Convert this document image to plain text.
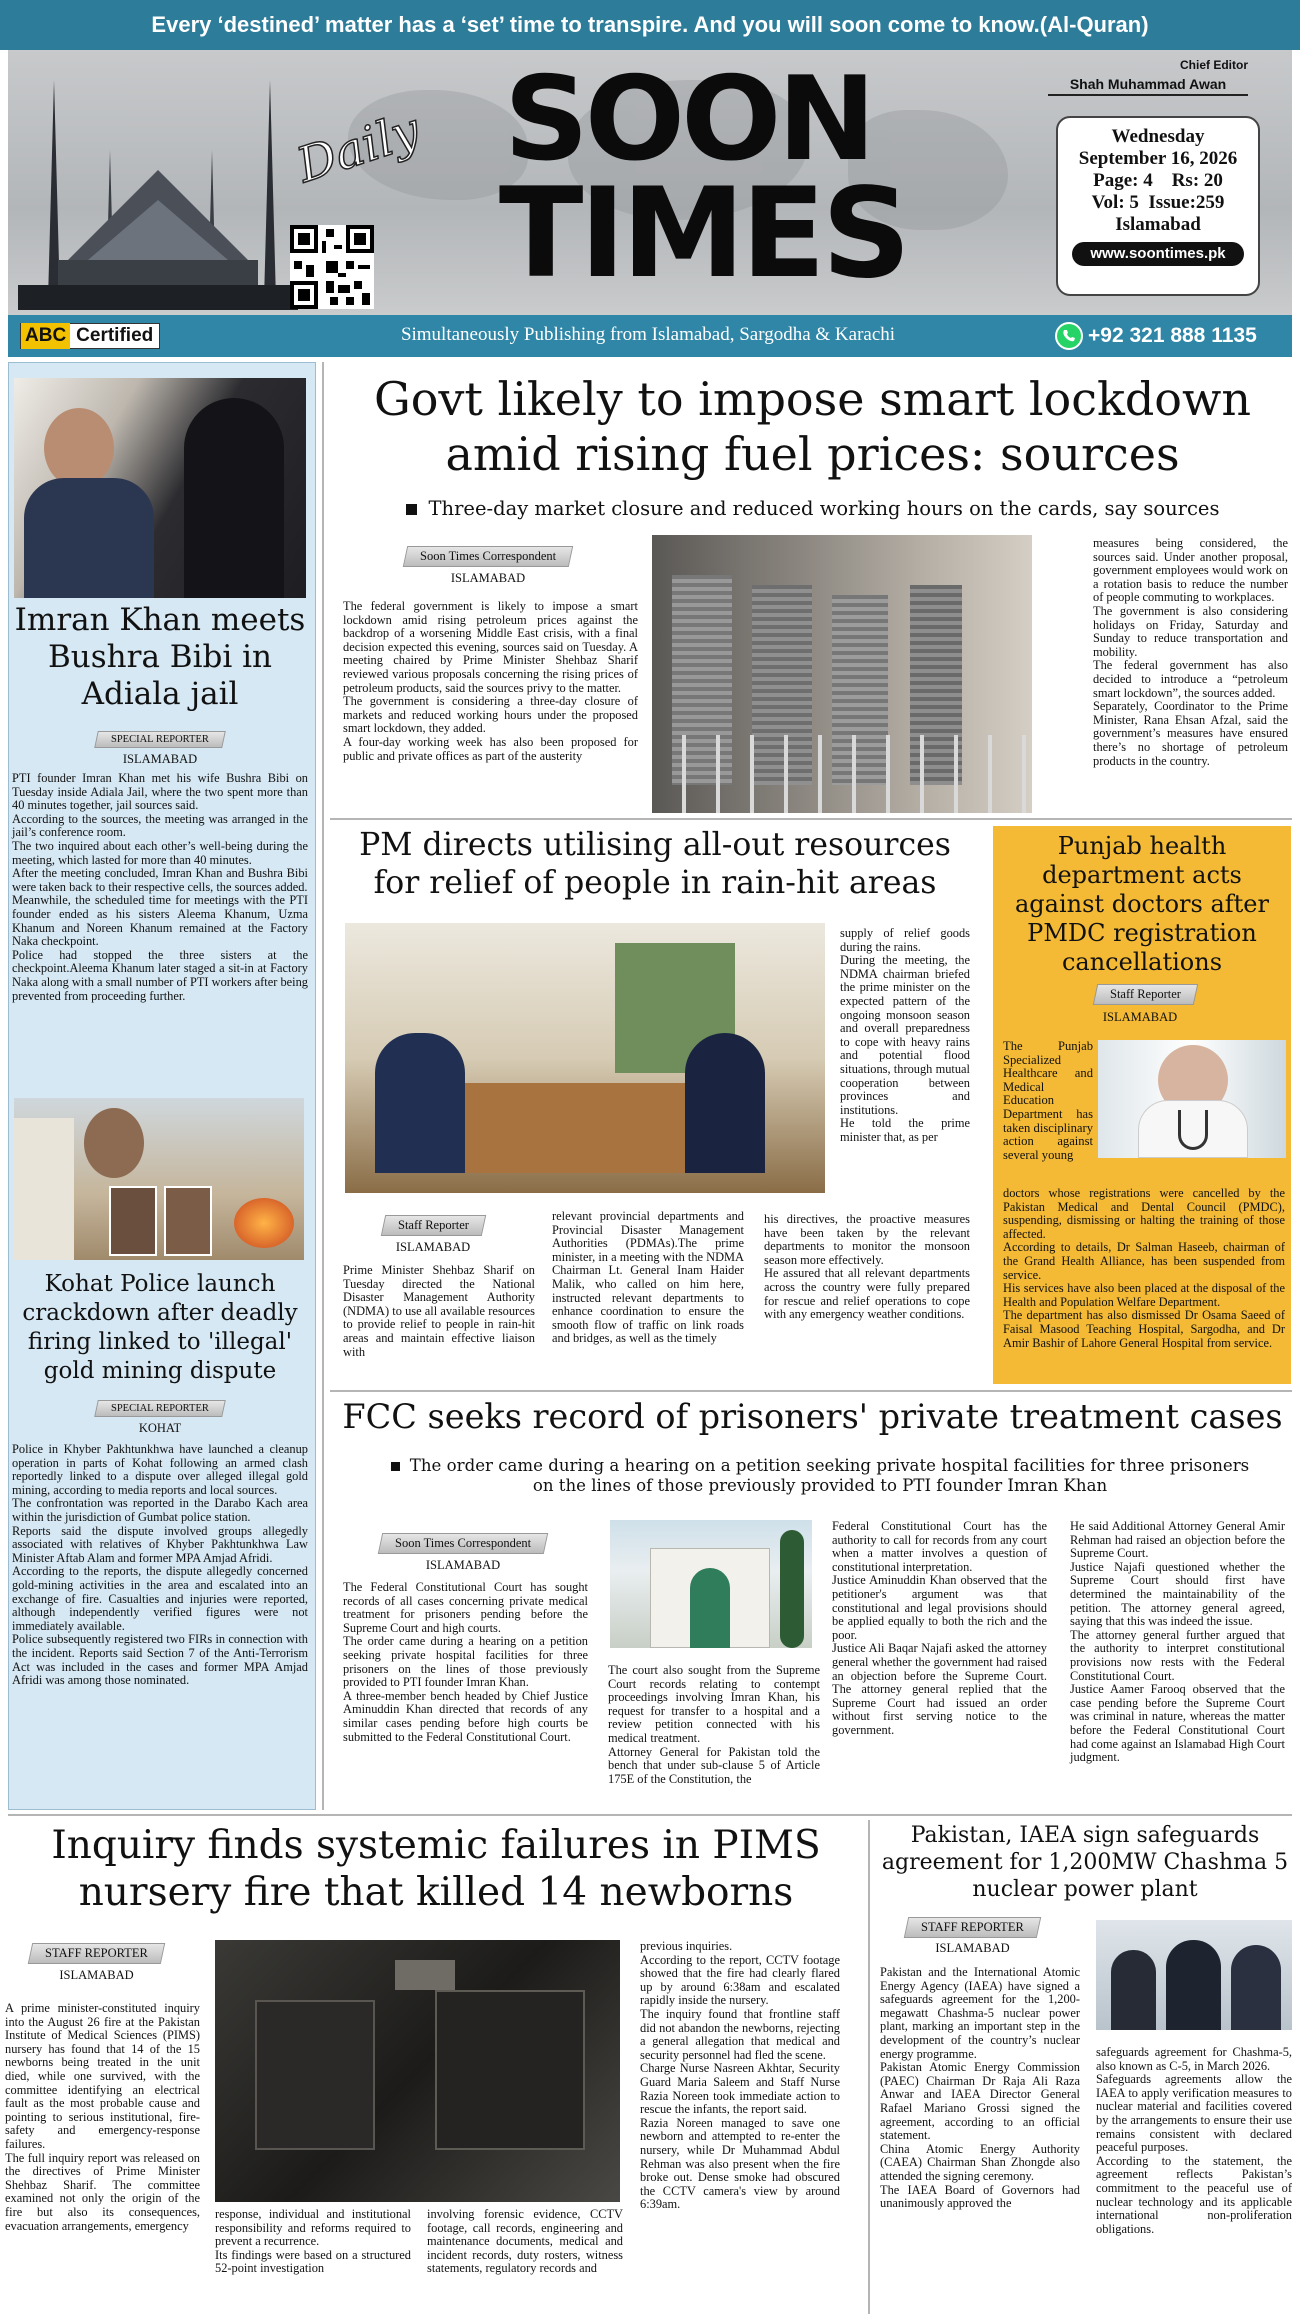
Every ‘destined’ matter has a ‘set’ time to transpire. And you will soon come to know.(Al-Quran)
Daily SOON
TIMES
Chief Editor
Shah Muhammad Awan
Wednesday
September 16, 2026
Page: 4    Rs: 20
Vol: 5  Issue:259
Islamabad
www.soontimes.pk
ABC Certified	Simultaneously Publishing from Islamabad, Sargodha & Karachi	+92 321 888 1135
Imran Khan meets Bushra Bibi in Adiala jail
SPECIAL REPORTER
ISLAMABAD

PTI founder Imran Khan met his wife Bushra Bibi on Tuesday inside Adiala Jail, where the two spent more than 40 minutes together, jail sources said.

According to the sources, the meeting was arranged in the jail’s conference room.

The two inquired about each other’s well-being during the meeting, which lasted for more than 40 minutes.

After the meeting concluded, Imran Khan and Bushra Bibi were taken back to their respective cells, the sources added.

Meanwhile, the scheduled time for meetings with the PTI founder ended as his sisters Aleema Khanum, Uzma Khanum and Noreen Khanum remained at the Factory Naka checkpoint.

Police had stopped the three sisters at the checkpoint.Aleema Khanum later staged a sit-in at Factory Naka along with a small number of PTI workers after being prevented from proceeding further.

Kohat Police launch crackdown after deadly firing linked to 'illegal' gold mining dispute
SPECIAL REPORTER
KOHAT

Police in Khyber Pakhtunkhwa have launched a cleanup operation in parts of Kohat following an armed clash reportedly linked to a dispute over alleged illegal gold mining, according to media reports and local sources.

The confrontation was reported in the Darabo Kach area within the jurisdiction of Gumbat police station.

Reports said the dispute involved groups allegedly associated with relatives of Khyber Pakhtunkhwa Law Minister Aftab Alam and former MPA Amjad Afridi.

According to the reports, the dispute allegedly concerned gold-mining activities in the area and escalated into an exchange of fire. Casualties and injuries were reported, although independently verified figures were not immediately available.

Police subsequently registered two FIRs in connection with the incident. Reports said Section 7 of the Anti-Terrorism Act was included in the cases and former MPA Amjad Afridi was among those nominated.

Govt likely to impose smart lockdown amid rising fuel prices: sources
Three-day market closure and reduced working hours on the cards, say sources
Soon Times Correspondent
ISLAMABAD

The federal government is likely to impose a smart lockdown amid rising petroleum prices against the backdrop of a worsening Middle East crisis, with a final decision expected this evening, sources said on Tuesday. A meeting chaired by Prime Minister Shehbaz Sharif reviewed various proposals concerning the rising prices of petroleum products, said the sources privy to the matter.

The government is considering a three-day closure of markets and reduced working hours under the proposed smart lockdown, they added.

A four-day working week has also been proposed for public and private offices as part of the austerity

measures being considered, the sources said. Under another proposal, government employees would work on a rotation basis to reduce the number of people commuting to workplaces.

The government is also considering holidays on Friday, Saturday and Sunday to reduce transportation and mobility.

The federal government has also decided to introduce a “petroleum smart lockdown”, the sources added.

Separately, Coordinator to the Prime Minister, Rana Ehsan Afzal, said the government’s measures have ensured there’s no shortage of petroleum products in the country.

PM directs utilising all-out resources for relief of people in rain-hit areas

supply of relief goods during the rains.

During the meeting, the NDMA chairman briefed the prime minister on the expected pattern of the ongoing monsoon season and overall preparedness to cope with heavy rains and potential flood situations, through mutual cooperation between provinces and institutions.

He told the prime minister that, as per

Staff Reporter
ISLAMABAD

Prime Minister Shehbaz Sharif on Tuesday directed the National Disaster Management Authority (NDMA) to use all available resources to provide relief to people in rain-hit areas and maintain effective liaison with

relevant provincial departments and Provincial Disaster Management Authorities (PDMAs).The prime minister, in a meeting with the NDMA Chairman Lt. General Inam Haider Malik, who called on him here, instructed relevant departments to enhance coordination to ensure the smooth flow of traffic on link roads and bridges, as well as the timely

his directives, the proactive measures have been taken by the relevant departments to monitor the monsoon season more effectively.

He assured that all relevant departments across the country were fully prepared for rescue and relief operations to cope with any emergency weather conditions.

Punjab health department acts against doctors after PMDC registration cancellations
Staff Reporter
ISLAMABAD
The Punjab Specialized Healthcare and Medical Education Department has taken disciplinary action against several young

doctors whose registrations were cancelled by the Pakistan Medical and Dental Council (PMDC), suspending, dismissing or halting the training of those affected.

According to details, Dr Salman Haseeb, chairman of the Grand Health Alliance, has been suspended from service.

His services have also been placed at the disposal of the Health and Population Welfare Department.

The department has also dismissed Dr Osama Saeed of Faisal Masood Teaching Hospital, Sargodha, and Dr Amir Bashir of Lahore General Hospital from service.

FCC seeks record of prisoners' private treatment cases
The order came during a hearing on a petition seeking private hospital facilities for three prisoners on the lines of those previously provided to PTI founder Imran Khan
Soon Times Correspondent
ISLAMABAD

The Federal Constitutional Court has sought records of all cases concerning private medical treatment for prisoners pending before the Supreme Court and high courts.

The order came during a hearing on a petition seeking private hospital facilities for three prisoners on the lines of those previously provided to PTI founder Imran Khan.

A three-member bench headed by Chief Justice Aminuddin Khan directed that records of any similar cases pending before high courts be submitted to the Federal Constitutional Court.

The court also sought from the Supreme Court records relating to contempt proceedings involving Imran Khan, his request for transfer to a hospital and a review petition connected with his medical treatment.

Attorney General for Pakistan told the bench that under sub-clause 5 of Article 175E of the Constitution, the

Federal Constitutional Court has the authority to call for records from any court when a matter involves a question of constitutional interpretation.

Justice Aminuddin Khan observed that the petitioner's argument was that constitutional and legal provisions should be applied equally to both the rich and the poor.

Justice Ali Baqar Najafi asked the attorney general whether the government had raised an objection before the Supreme Court. The attorney general replied that the Supreme Court had issued an order without first serving notice to the government.

He said Additional Attorney General Amir Rehman had raised an objection before the Supreme Court.

Justice Najafi questioned whether the Supreme Court should first have determined the maintainability of the petition. The attorney general agreed, saying that this was indeed the issue.

The attorney general further argued that the authority to interpret constitutional provisions now rests with the Federal Constitutional Court.

Justice Aamer Farooq observed that the case pending before the Supreme Court was criminal in nature, whereas the matter before the Federal Constitutional Court had come against an Islamabad High Court judgment.

Inquiry finds systemic failures in PIMS nursery fire that killed 14 newborns
STAFF REPORTER
ISLAMABAD

A prime minister-constituted inquiry into the August 26 fire at the Pakistan Institute of Medical Sciences (PIMS) nursery has found that 14 of the 15 newborns being treated in the unit died, while one survived, with the committee identifying an electrical fault as the most probable cause and pointing to serious institutional, fire-safety and emergency-response failures.

The full inquiry report was released on the directives of Prime Minister Shehbaz Sharif. The committee examined not only the origin of the fire but also its consequences, evacuation arrangements, emergency

response, individual and institutional responsibility and reforms required to prevent a recurrence.

Its findings were based on a structured 52-point investigation

involving forensic evidence, CCTV footage, call records, engineering and maintenance documents, medical and incident records, duty rosters, witness statements, regulatory records and

previous inquiries.

According to the report, CCTV footage showed that the fire had clearly flared up by around 6:38am and escalated rapidly inside the nursery.

The inquiry found that frontline staff did not abandon the newborns, rejecting a general allegation that medical and security personnel had fled the scene.

Charge Nurse Nasreen Akhtar, Security Guard Maria Saleem and Staff Nurse Razia Noreen took immediate action to rescue the infants, the report said.

Razia Noreen managed to save one newborn and attempted to re-enter the nursery, while Dr Muhammad Abdul Rehman was also present when the fire broke out. Dense smoke had obscured the CCTV camera's view by around 6:39am.

Pakistan, IAEA sign safeguards agreement for 1,200MW Chashma 5 nuclear power plant
STAFF REPORTER
ISLAMABAD

Pakistan and the International Atomic Energy Agency (IAEA) have signed a safeguards agreement for the 1,200-megawatt Chashma-5 nuclear power plant, marking an important step in the development of the country’s nuclear energy programme.

Pakistan Atomic Energy Commission (PAEC) Chairman Dr Raja Ali Raza Anwar and IAEA Director General Rafael Mariano Grossi signed the agreement, according to an official statement.

China Atomic Energy Authority (CAEA) Chairman Shan Zhongde also attended the signing ceremony.

The IAEA Board of Governors had unanimously approved the

safeguards agreement for Chashma-5, also known as C-5, in March 2026.

Safeguards agreements allow the IAEA to apply verification measures to nuclear material and facilities covered by the arrangements to ensure their use remains consistent with declared peaceful purposes.

According to the statement, the agreement reflects Pakistan’s commitment to the peaceful use of nuclear technology and its applicable international non-proliferation obligations.
